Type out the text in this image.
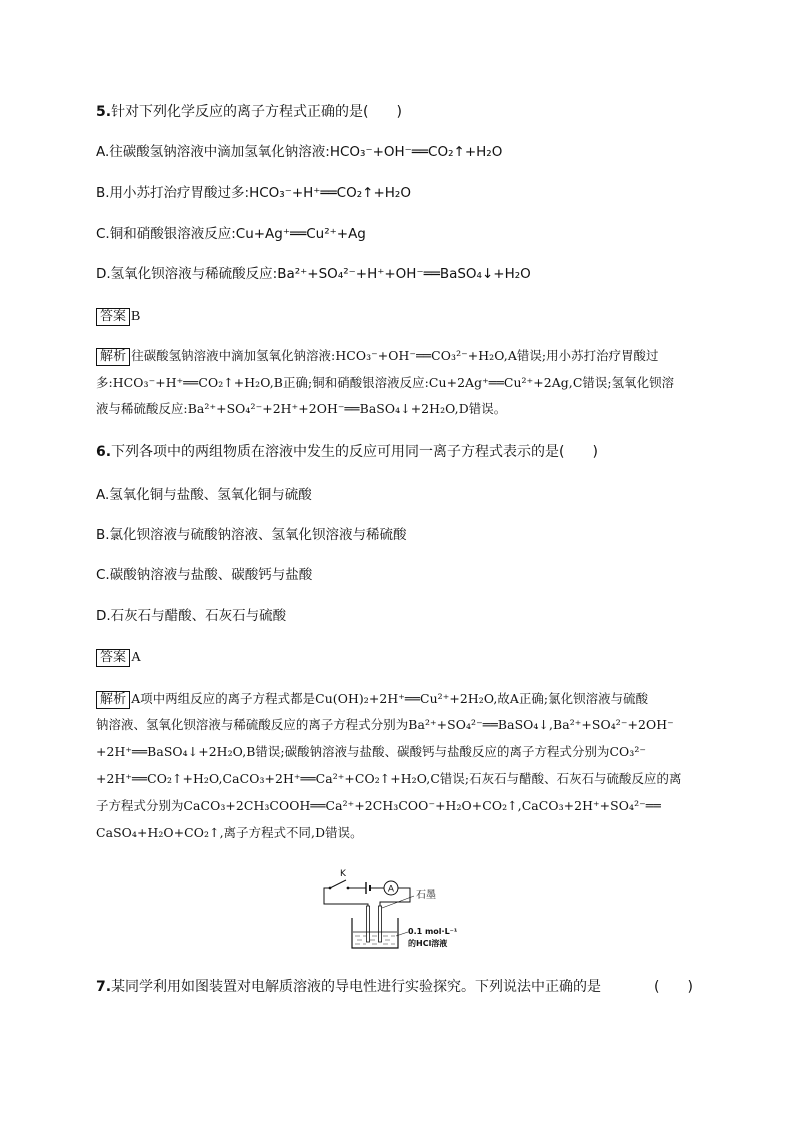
5.针对下列化学反应的离子方程式正确的是(　　)
A.往碳酸氢钠溶液中滴加氢氧化钠溶液:HCO₃⁻+OH⁻══CO₂↑+H₂O
B.用小苏打治疗胃酸过多:HCO₃⁻+H⁺══CO₂↑+H₂O
C.铜和硝酸银溶液反应:Cu+Ag⁺══Cu²⁺+Ag
D.氢氧化钡溶液与稀硫酸反应:Ba²⁺+SO₄²⁻+H⁺+OH⁻══BaSO₄↓+H₂O
答案 B
解析 往碳酸氢钠溶液中滴加氢氧化钠溶液:HCO₃⁻+OH⁻══CO₃²⁻+H₂O,A错误;用小苏打治疗胃酸过
多:HCO₃⁻+H⁺══CO₂↑+H₂O,B正确;铜和硝酸银溶液反应:Cu+2Ag⁺══Cu²⁺+2Ag,C错误;氢氧化钡溶
液与稀硫酸反应:Ba²⁺+SO₄²⁻+2H⁺+2OH⁻══BaSO₄↓+2H₂O,D错误。
6.下列各项中的两组物质在溶液中发生的反应可用同一离子方程式表示的是(　　)
A.氢氧化铜与盐酸、氢氧化铜与硫酸
B.氯化钡溶液与硫酸钠溶液、氢氧化钡溶液与稀硫酸
C.碳酸钠溶液与盐酸、碳酸钙与盐酸
D.石灰石与醋酸、石灰石与硫酸
答案 A
解析 A项中两组反应的离子方程式都是Cu(OH)₂+2H⁺══Cu²⁺+2H₂O,故A正确;氯化钡溶液与硫酸
钠溶液、氢氧化钡溶液与稀硫酸反应的离子方程式分别为Ba²⁺+SO₄²⁻══BaSO₄↓,Ba²⁺+SO₄²⁻+2OH⁻
+2H⁺══BaSO₄↓+2H₂O,B错误;碳酸钠溶液与盐酸、碳酸钙与盐酸反应的离子方程式分别为CO₃²⁻
+2H⁺══CO₂↑+H₂O,CaCO₃+2H⁺══Ca²⁺+CO₂↑+H₂O,C错误;石灰石与醋酸、石灰石与硫酸反应的离
子方程式分别为CaCO₃+2CH₃COOH══Ca²⁺+2CH₃COO⁻+H₂O+CO₂↑,CaCO₃+2H⁺+SO₄²⁻══
CaSO₄+H₂O+CO₂↑,离子方程式不同,D错误。
K
A
石墨
0.1 mol·L⁻¹
的HCl溶液
7.某同学利用如图装置对电解质溶液的导电性进行实验探究。下列说法中正确的是	(　　)
